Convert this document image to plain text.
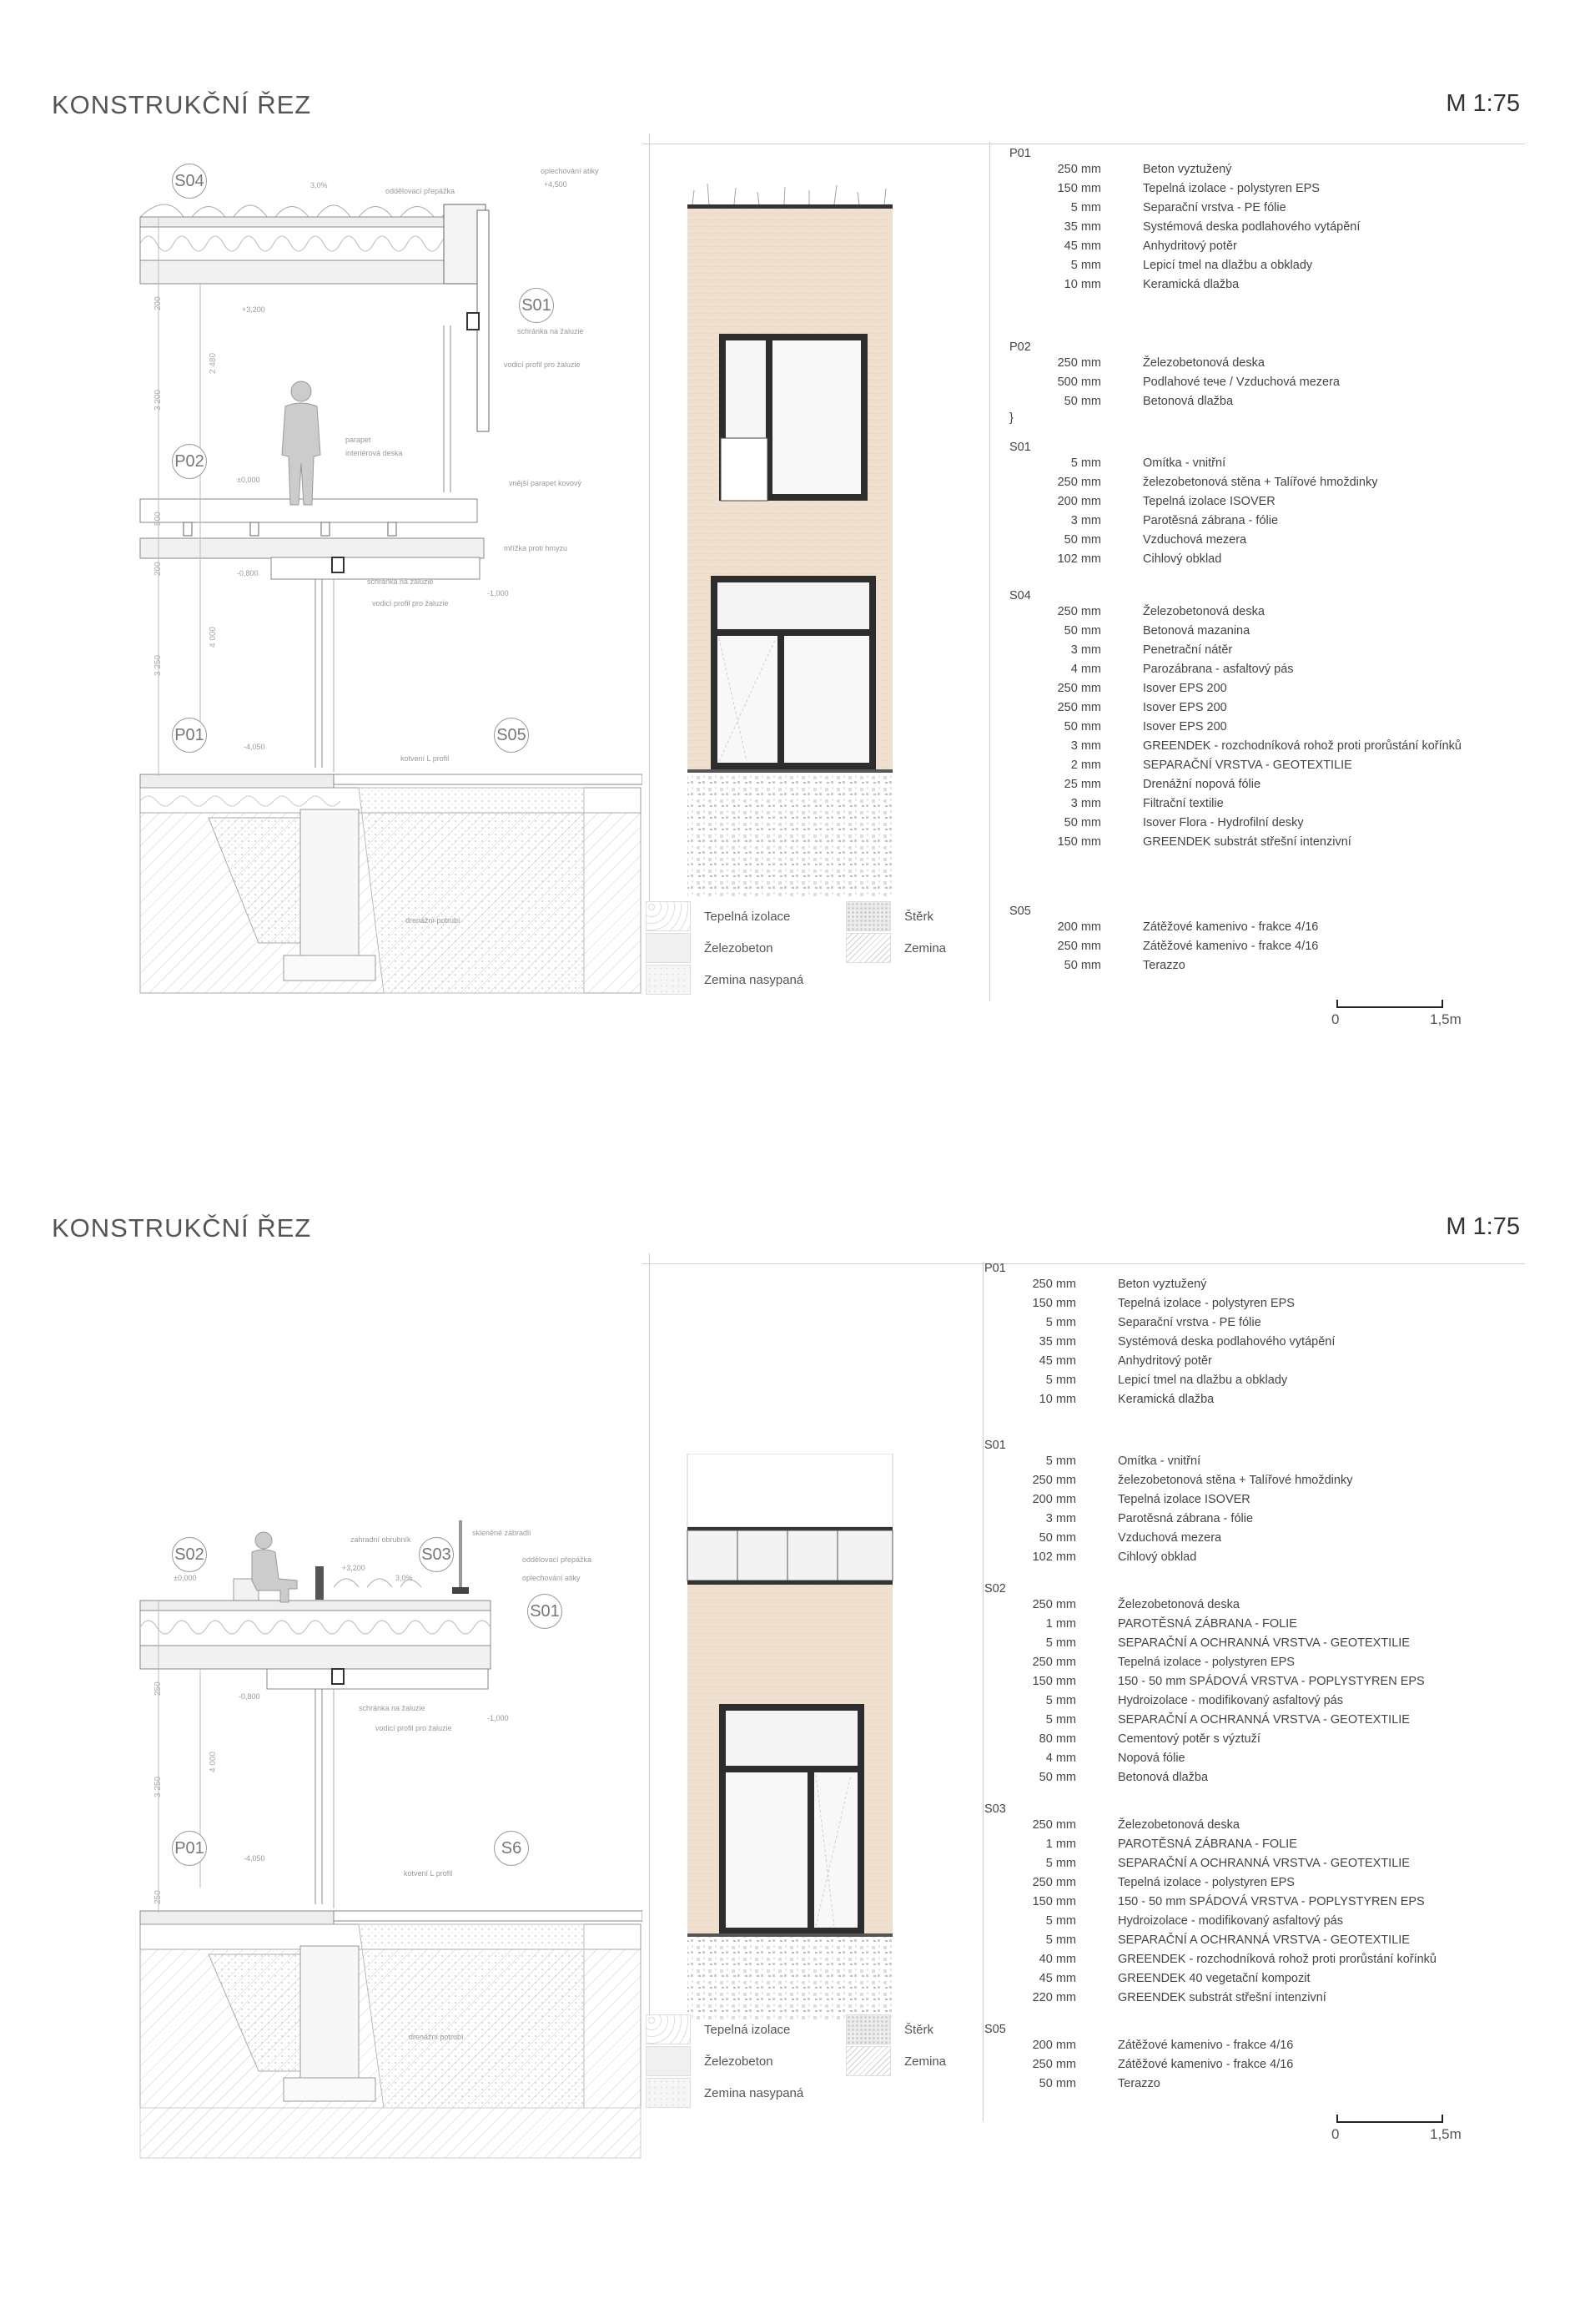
KONSTRUKČNÍ ŘEZ	M 1:75
S04
S01
P02
P01	S05
oplechování atiky
+4,500
3,0%
oddělovací přepážka
schránka na žaluzie
vodicí profil pro žaluzie
+3,200
parapet
interiérová deska
±0,000	vnější parapet kovový
mřížka proti hmyzu
-0,800
schránka na žaluzie
vodicí profil pro žaluzie
-1,000
-4,050
kotvení L profil
drenážní potrubí
200
3 200
500
200
3 250
2 480
4 000
Tepelná izolace
Železobeton
Zemina nasypaná
Štěrk
Zemina
P01
250 mm	Beton vyztužený
150 mm	Tepelná izolace - polystyren EPS
5 mm	Separační vrstva - PE fólie
35 mm	Systémová deska podlahového vytápění
45 mm	Anhydritový potěr
5 mm	Lepicí tmel na dlažbu a obklady
10 mm	Keramická dlažba
P02
250 mm	Železobetonová deska
500 mm	Podlahové tече / Vzduchová mezera
50 mm	Betonová dlažba
}
S01
5 mm	Omítka - vnitřní
250 mm	železobetonová stěna + Talířové hmoždinky
200 mm	Tepelná izolace ISOVER
3 mm	Parotěsná zábrana - fólie
50 mm	Vzduchová mezera
102 mm	Cihlový obklad
S04
250 mm	Železobetonová deska
50 mm	Betonová mazanina
3 mm	Penetrační nátěr
4 mm	Parozábrana - asfaltový pás
250 mm	Isover EPS 200
250 mm	Isover EPS 200
50 mm	Isover EPS 200
3 mm	GREENDEK - rozchodníková rohož proti prorůstání kořínků
2 mm	SEPARAČNÍ VRSTVA - GEOTEXTILIE
25 mm	Drenážní nopová fólie
3 mm	Filtrační textilie
50 mm	Isover Flora - Hydrofilní desky
150 mm	GREENDEK substrát střešní intenzivní
S05
200 mm	Zátěžové kamenivo - frakce 4/16
250 mm	Zátěžové kamenivo - frakce 4/16
50 mm	Terazzo
0	1,5m
KONSTRUKČNÍ ŘEZ	M 1:75
S02	S03
S01
P01	S6
zahradní obrubník
skleněné zábradlí
oddělovací přepážka
oplechování atiky
+3,200
±0,000	3,0%
-0,800
schránka na žaluzie
vodicí profil pro žaluzie
-1,000
-4,050
kotvení L profil
drenážní potrubí
250
3 250
4 000
250
Tepelná izolace
Železobeton
Zemina nasypaná
Štěrk
Zemina
P01
250 mm	Beton vyztužený
150 mm	Tepelná izolace - polystyren EPS
5 mm	Separační vrstva - PE fólie
35 mm	Systémová deska podlahového vytápění
45 mm	Anhydritový potěr
5 mm	Lepicí tmel na dlažbu a obklady
10 mm	Keramická dlažba
S01
5 mm	Omítka - vnitřní
250 mm	železobetonová stěna + Talířové hmoždinky
200 mm	Tepelná izolace ISOVER
3 mm	Parotěsná zábrana - fólie
50 mm	Vzduchová mezera
102 mm	Cihlový obklad
S02
250 mm	Železobetonová deska
1 mm	PAROTĚSNÁ ZÁBRANA - FOLIE
5 mm	SEPARAČNÍ A OCHRANNÁ VRSTVA - GEOTEXTILIE
250 mm	Tepelná izolace - polystyren EPS
150 mm	150 - 50 mm SPÁDOVÁ VRSTVA - POPLYSTYREN EPS
5 mm	Hydroizolace - modifikovaný asfaltový pás
5 mm	SEPARAČNÍ A OCHRANNÁ VRSTVA - GEOTEXTILIE
80 mm	Cementový potěr s výztuží
4 mm	Nopová fólie
50 mm	Betonová dlažba
S03
250 mm	Železobetonová deska
1 mm	PAROTĚSNÁ ZÁBRANA - FOLIE
5 mm	SEPARAČNÍ A OCHRANNÁ VRSTVA - GEOTEXTILIE
250 mm	Tepelná izolace - polystyren EPS
150 mm	150 - 50 mm SPÁDOVÁ VRSTVA - POPLYSTYREN EPS
5 mm	Hydroizolace - modifikovaný asfaltový pás
5 mm	SEPARAČNÍ A OCHRANNÁ VRSTVA - GEOTEXTILIE
40 mm	GREENDEK - rozchodníková rohož proti prorůstání kořínků
45 mm	GREENDEK 40 vegetační kompozit
220 mm	GREENDEK substrát střešní intenzivní
S05
200 mm	Zátěžové kamenivo - frakce 4/16
250 mm	Zátěžové kamenivo - frakce 4/16
50 mm	Terazzo
0	1,5m
